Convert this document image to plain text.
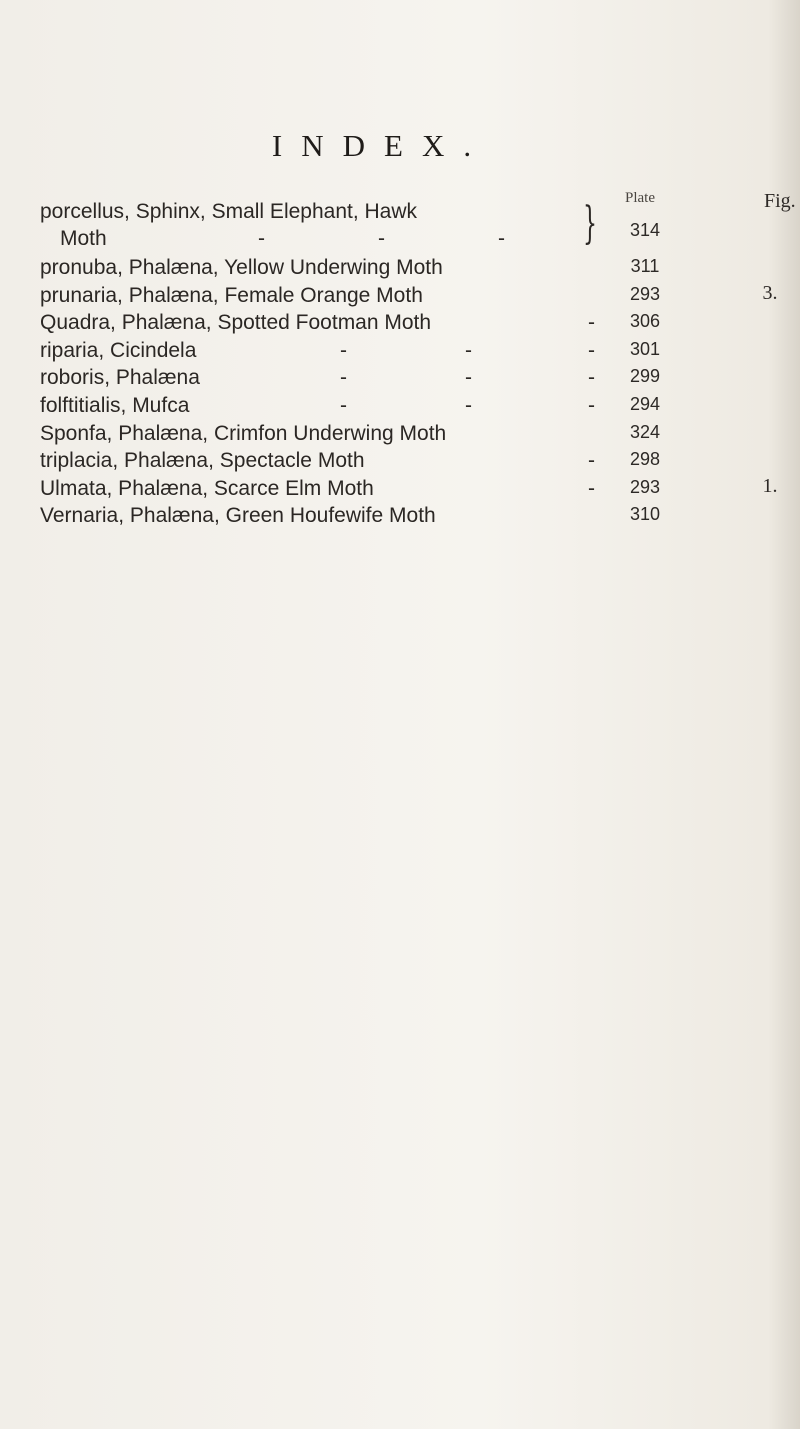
INDEX.
Plate	Fig.
porcellus, Sphinx, Small Elephant, Hawk
Moth	-	-	- }	314
pronuba, Phalæna, Yellow Underwing Moth	311
prunaria, Phalæna, Female Orange Moth	293	3.
Quadra, Phalæna, Spotted Footman Moth	-	306
riparia, Cicindela	-	-	-	301
roboris, Phalæna	-	-	-	299
folftitialis, Mufca	-	-	-	294
Sponfa, Phalæna, Crimfon Underwing Moth	324
triplacia, Phalæna, Spectacle Moth	-	298
Ulmata, Phalæna, Scarce Elm Moth	-	293	1.
Vernaria, Phalæna, Green Houfewife Moth	310
